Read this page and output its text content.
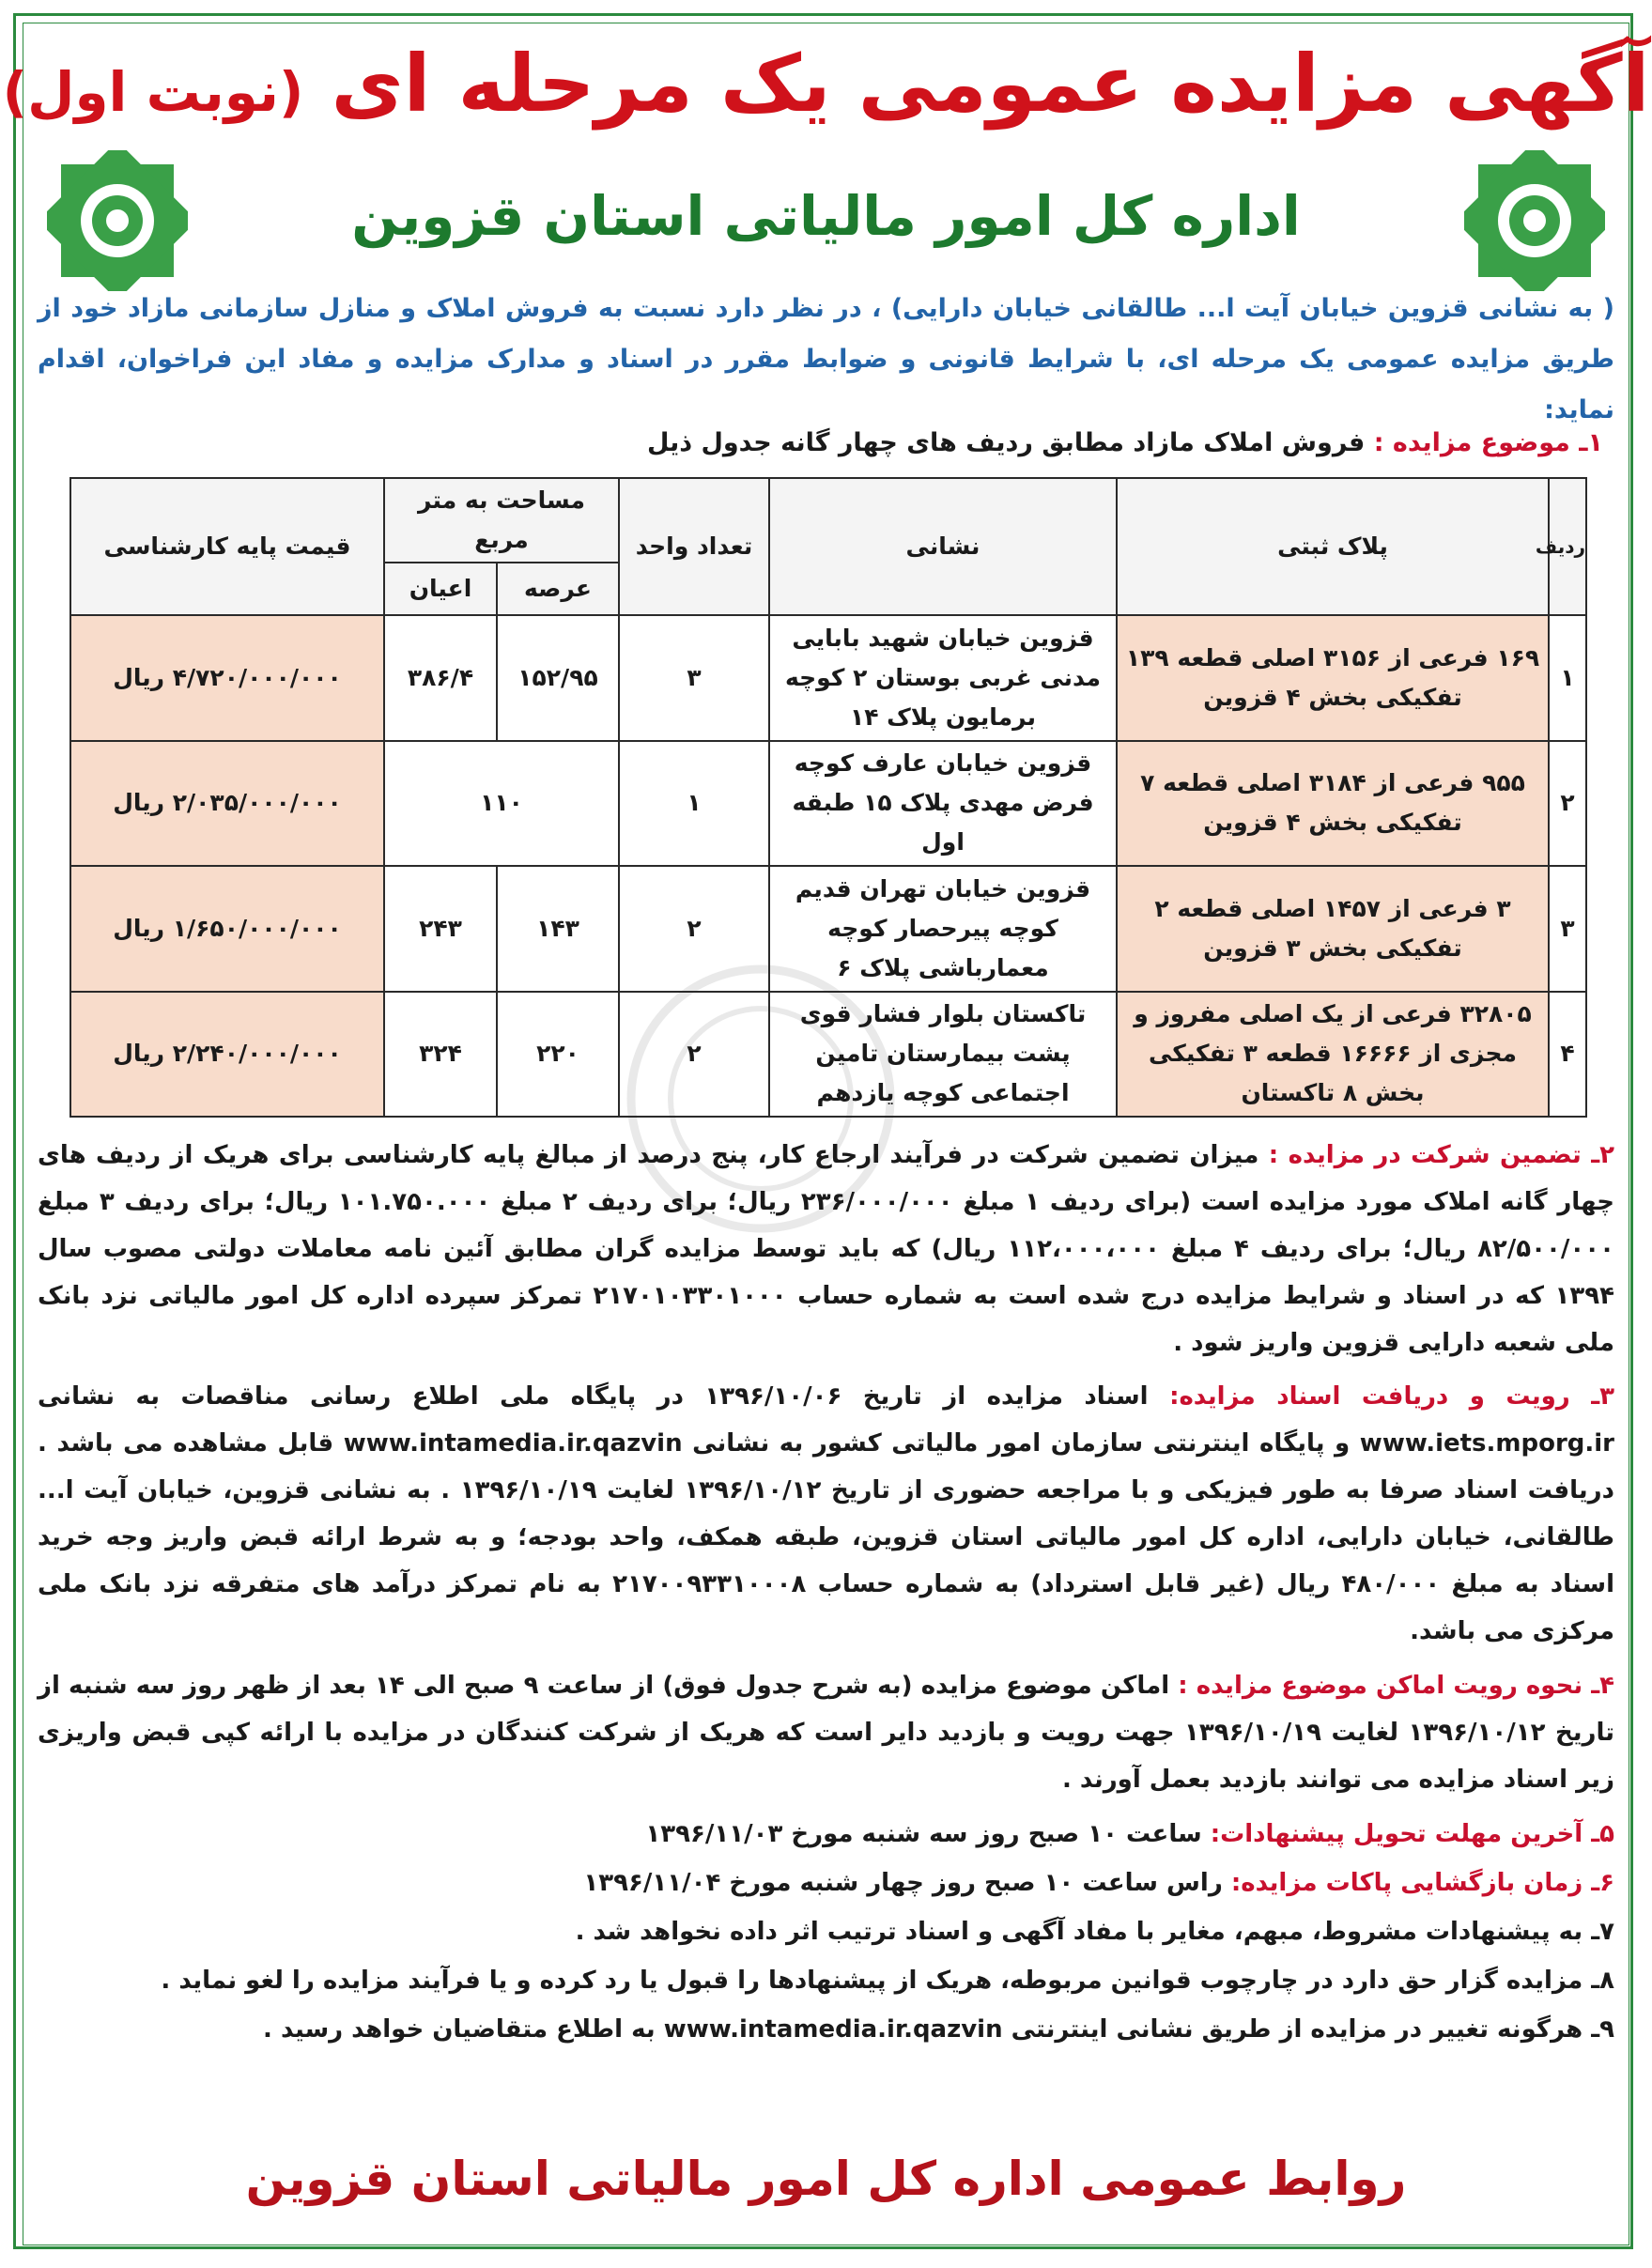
آگهی مزایده عمومی یک مرحله ای (نوبت اول)
اداره کل امور مالیاتی استان قزوین
( به نشانی قزوین خیابان آیت ا... طالقانی خیابان دارایی) ، در نظر دارد نسبت به فروش املاک و منازل سازمانی مازاد خود از طریق مزایده عمومی یک مرحله ای، با شرایط قانونی و ضوابط مقرر در اسناد و مدارک مزایده و مفاد این فراخوان، اقدام نماید:
۱ـ موضوع مزایده : فروش املاک مازاد مطابق ردیف های چهار گانه جدول ذیل
ردیف	پلاک ثبتی	نشانی	تعداد واحد	مساحت به متر مربع		قیمت پایه کارشناسی
				عرصه	اعیان	
۱	۱۶۹ فرعی از ۳۱۵۶ اصلی قطعه ۱۳۹ تفکیکی بخش ۴ قزوین	قزوین خیابان شهید بابایی مدنی غربی بوستان ۲ کوچه برمایون پلاک ۱۴	۳	۱۵۲/۹۵	۳۸۶/۴	۴/۷۲۰/۰۰۰/۰۰۰ ریال
۲	۹۵۵ فرعی از ۳۱۸۴ اصلی قطعه ۷ تفکیکی بخش ۴ قزوین	قزوین خیابان عارف کوچه فرض مهدی پلاک ۱۵ طبقه اول	۱	۱۱۰		۲/۰۳۵/۰۰۰/۰۰۰ ریال
۳	۳ فرعی از ۱۴۵۷ اصلی قطعه ۲ تفکیکی بخش ۳ قزوین	قزوین خیابان تهران قدیم کوچه پیرحصار کوچه معمارباشی پلاک ۶	۲	۱۴۳	۲۴۳	۱/۶۵۰/۰۰۰/۰۰۰ ریال
۴	۳۲۸۰۵ فرعی از یک اصلی مفروز و مجزی از ۱۶۶۶۶ قطعه ۳ تفکیکی بخش ۸ تاکستان	تاکستان بلوار فشار قوی پشت بیمارستان تامین اجتماعی کوچه یازدهم	۲	۲۲۰	۳۲۴	۲/۲۴۰/۰۰۰/۰۰۰ ریال
۲ـ تضمین شرکت در مزایده : میزان تضمین شرکت در فرآیند ارجاع کار، پنج درصد از مبالغ پایه کارشناسی برای هریک از ردیف های چهار گانه املاک مورد مزایده است (برای ردیف ۱ مبلغ ۲۳۶/۰۰۰/۰۰۰ ریال؛ برای ردیف ۲ مبلغ ۱۰۱.۷۵۰.۰۰۰ ریال؛ برای ردیف ۳ مبلغ ۸۲/۵۰۰/۰۰۰ ریال؛ برای ردیف ۴ مبلغ ۱۱۲،۰۰۰،۰۰۰ ریال) که باید توسط مزایده گران مطابق آئین نامه معاملات دولتی مصوب سال ۱۳۹۴ که در اسناد و شرایط مزایده درج شده است به شماره حساب ۲۱۷۰۱۰۳۳۰۱۰۰۰ تمرکز سپرده اداره کل امور مالیاتی نزد بانک ملی شعبه دارایی قزوین واریز شود .
۳ـ رویت و دریافت اسناد مزایده: اسناد مزایده از تاریخ ۱۳۹۶/۱۰/۰۶ در پایگاه ملی اطلاع رسانی مناقصات به نشانی www.iets.mporg.ir و پایگاه اینترنتی سازمان امور مالیاتی کشور به نشانی www.intamedia.ir.qazvin قابل مشاهده می باشد . دریافت اسناد صرفا به طور فیزیکی و با مراجعه حضوری از تاریخ ۱۳۹۶/۱۰/۱۲ لغایت ۱۳۹۶/۱۰/۱۹ . به نشانی قزوین، خیابان آیت ا... طالقانی، خیابان دارایی، اداره کل امور مالیاتی استان قزوین، طبقه همکف، واحد بودجه؛ و به شرط ارائه قبض واریز وجه خرید اسناد به مبلغ ۴۸۰/۰۰۰ ریال (غیر قابل استرداد) به شماره حساب ۲۱۷۰۰۹۳۳۱۰۰۰۸ به نام تمرکز درآمد های متفرقه نزد بانک ملی مرکزی می باشد.
۴ـ نحوه رویت اماکن موضوع مزایده : اماکن موضوع مزایده (به شرح جدول فوق) از ساعت ۹ صبح الی ۱۴ بعد از ظهر روز سه شنبه از تاریخ ۱۳۹۶/۱۰/۱۲ لغایت ۱۳۹۶/۱۰/۱۹ جهت رویت و بازدید دایر است که هریک از شرکت کنندگان در مزایده با ارائه کپی قبض واریزی زیر اسناد مزایده می توانند بازدید بعمل آورند .
۵ـ آخرین مهلت تحویل پیشنهادات: ساعت ۱۰ صبح روز سه شنبه مورخ ۱۳۹۶/۱۱/۰۳
۶ـ زمان بازگشایی پاکات مزایده: راس ساعت ۱۰ صبح روز چهار شنبه مورخ ۱۳۹۶/۱۱/۰۴
۷ـ به پیشنهادات مشروط، مبهم، مغایر با مفاد آگهی و اسناد ترتیب اثر داده نخواهد شد .
۸ـ مزایده گزار حق دارد در چارچوب قوانین مربوطه، هریک از پیشنهادها را قبول یا رد کرده و یا فرآیند مزایده را لغو نماید .
۹ـ هرگونه تغییر در مزایده از طریق نشانی اینترنتی www.intamedia.ir.qazvin به اطلاع متقاضیان خواهد رسید .
روابط عمومی اداره کل امور مالیاتی استان قزوین
